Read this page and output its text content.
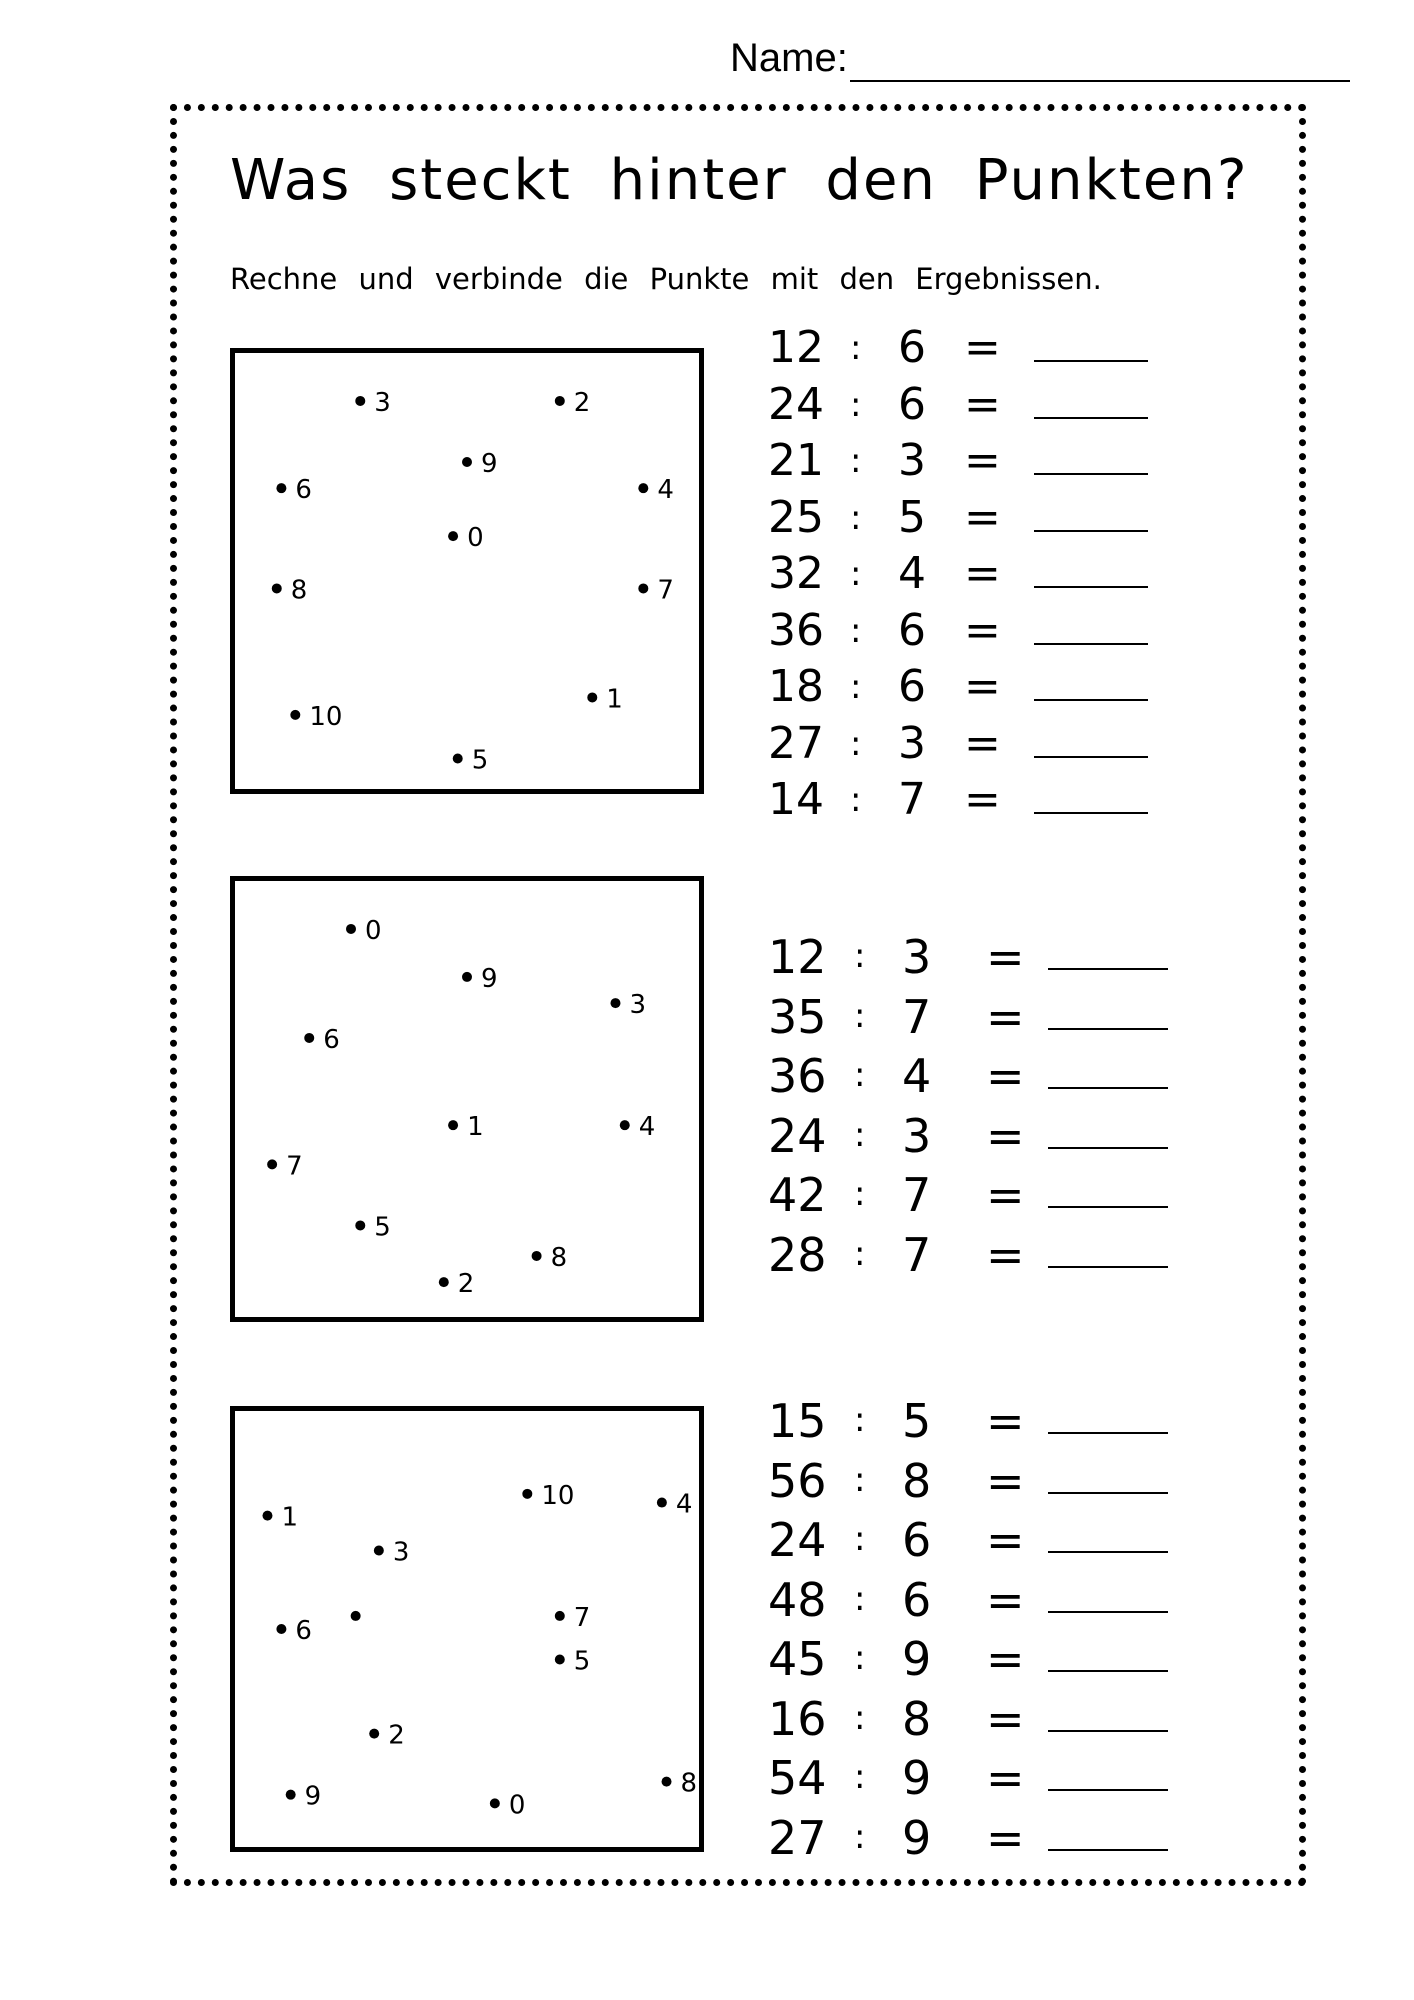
Name:
Was steckt hinter den Punkten?
Rechne und verbinde die Punkte mit den Ergebnissen.
3	2
9
6	4
0
8	7
1
10
5
12 : 6 =
24 : 6 =
21 : 3 =
25 : 5 =
32 : 4 =
36 : 6 =
18 : 6 =
27 : 3 =
14 : 7 =
0
9
3
6
1	4
7
5
8
2
12 : 3 =
35 : 7 =
36 : 4 =
24 : 3 =
42 : 7 =
28 : 7 =
10	4
1
3
6	7
5
2
9	0
8
15 : 5 =
56 : 8 =
24 : 6 =
48 : 6 =
45 : 9 =
16 : 8 =
54 : 9 =
27 : 9 =
